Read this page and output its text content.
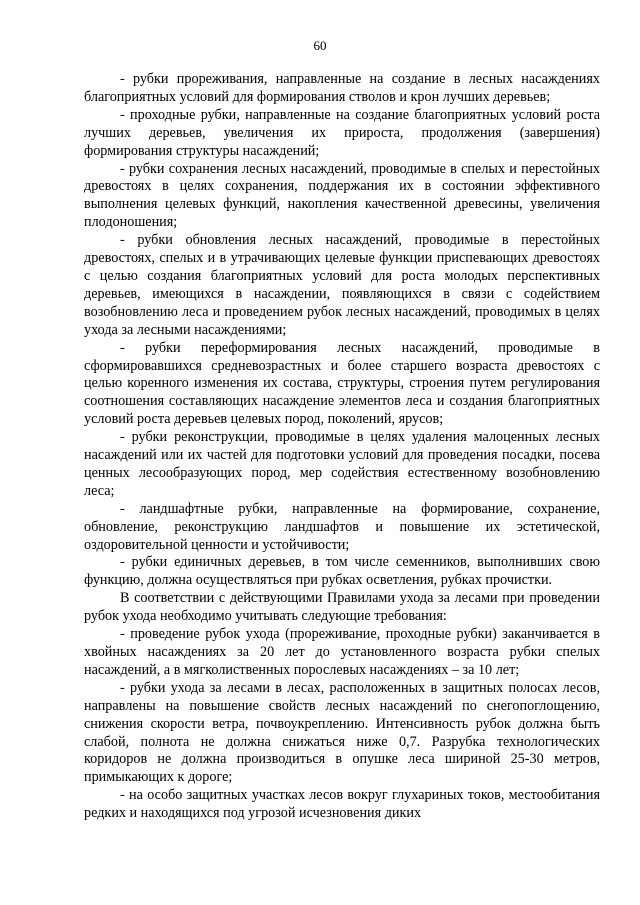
60

- рубки прореживания, направленные на создание в лесных насаждениях благоприятных условий для формирования стволов и крон лучших деревьев;

- проходные рубки, направленные на создание благоприятных условий роста лучших деревьев, увеличения их прироста, продолжения (завершения) формирования структуры насаждений;

- рубки сохранения лесных насаждений, проводимые в спелых и перестойных древостоях в целях сохранения, поддержания их в состоянии эффективного выполнения целевых функций, накопления качественной древесины, увеличения плодоношения;

- рубки обновления лесных насаждений, проводимые в перестойных древостоях, спелых и в утрачивающих целевые функции приспевающих древостоях с целью создания благоприятных условий для роста молодых перспективных деревьев, имеющихся в насаждении, появляющихся в связи с содействием возобновлению леса и проведением рубок лесных насаждений, проводимых в целях ухода за лесными насаждениями;

- рубки переформирования лесных насаждений, проводимые в сформировавшихся средневозрастных и более старшего возраста древостоях с целью коренного изменения их состава, структуры, строения путем регулирования соотношения составляющих насаждение элементов леса и создания благоприятных условий роста деревьев целевых пород, поколений, ярусов;

- рубки реконструкции, проводимые в целях удаления малоценных лесных насаждений или их частей для подготовки условий для проведения посадки, посева ценных лесообразующих пород, мер содействия естественному возобновлению леса;

- ландшафтные рубки, направленные на формирование, сохранение, обновление, реконструкцию ландшафтов и повышение их эстетической, оздоровительной ценности и устойчивости;

- рубки единичных деревьев, в том числе семенников, выполнивших свою функцию, должна осуществляться при рубках осветления, рубках прочистки.

В соответствии с действующими Правилами ухода за лесами при проведении рубок ухода необходимо учитывать следующие требования:

- проведение рубок ухода (прореживание, проходные рубки) заканчивается в хвойных насаждениях за 20 лет до установленного возраста рубки спелых насаждений, а в мягколиственных порослевых насаждениях – за 10 лет;

- рубки ухода за лесами в лесах, расположенных в защитных полосах лесов, направлены на повышение свойств лесных насаждений по снегопоглощению, снижения скорости ветра, почвоукреплению. Интенсивность рубок должна быть слабой, полнота не должна снижаться ниже 0,7. Разрубка технологических коридоров не должна производиться в опушке леса шириной 25-30 метров, примыкающих к дороге;

- на особо защитных участках лесов вокруг глухариных токов, местообитания редких и находящихся под угрозой исчезновения диких
